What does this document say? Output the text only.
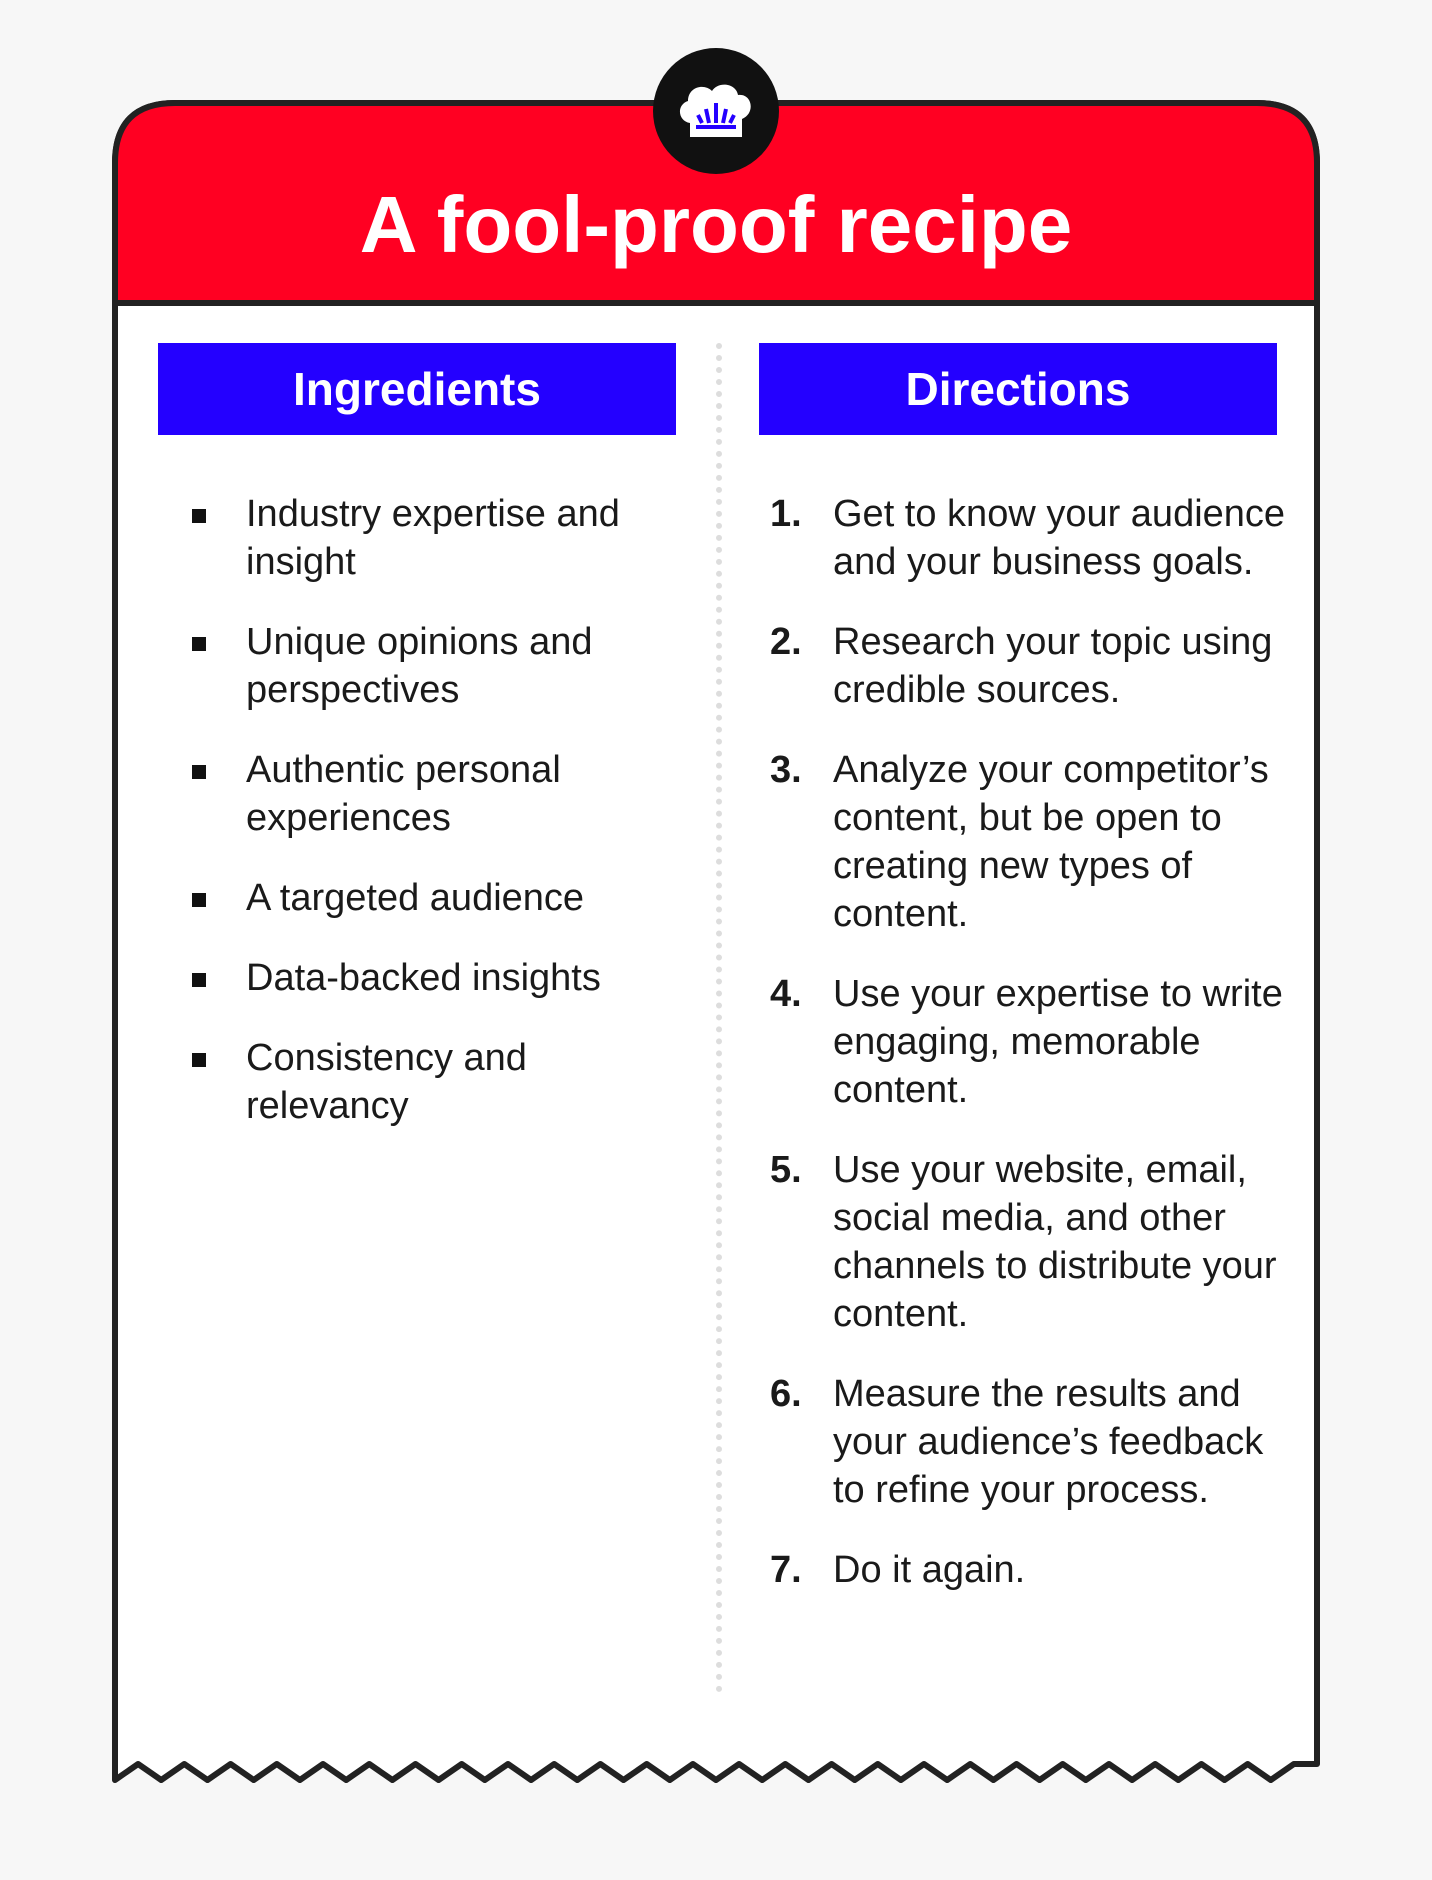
A fool-proof recipe
Ingredients	Directions
Industry expertise and insight
Unique opinions and perspectives
Authentic personal experiences
A targeted audience
Data-backed insights
Consistency and relevancy
1. Get to know your audience and your business goals.
2. Research your topic using credible sources.
3. Analyze your competitor’s content, but be open to creating new types of content.
4. Use your expertise to write engaging, memorable content.
5. Use your website, email, social media, and other channels to distribute your content.
6. Measure the results and your audience’s feedback to refine your process.
7. Do it again.
